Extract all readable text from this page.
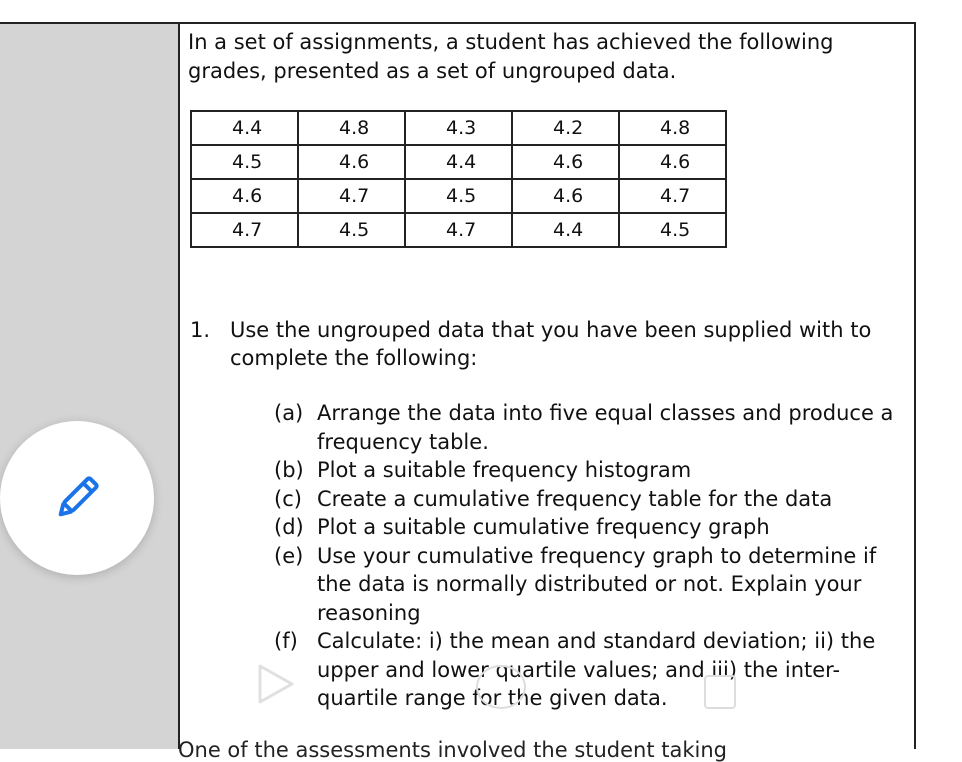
In a set of assignments, a student has achieved the following grades, presented as a set of ungrouped data.

4.4	4.8	4.3	4.2	4.8
4.5	4.6	4.4	4.6	4.6
4.6	4.7	4.5	4.6	4.7
4.7	4.5	4.7	4.4	4.5
1. Use the ungrouped data that you have been supplied with to complete the following:
(a) Arrange the data into five equal classes and produce a frequency table.
(b) Plot a suitable frequency histogram
(c) Create a cumulative frequency table for the data
(d) Plot a suitable cumulative frequency graph
(e) Use your cumulative frequency graph to determine if the data is normally distributed or not. Explain your reasoning
(f) Calculate: i) the mean and standard deviation; ii) the upper and lower quartile values; and iii) the inter-quartile range for the given data.
One of the assessments involved the student taking
